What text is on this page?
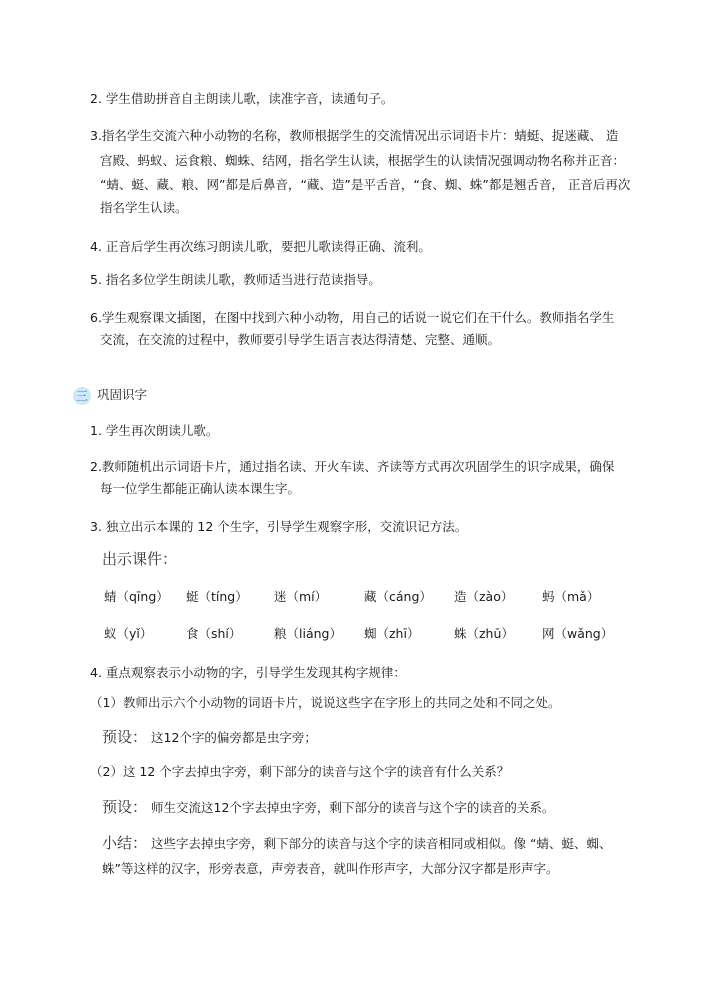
2. 学生借助拼音自主朗读儿歌，读准字音，读通句子。
3.指名学生交流六种小动物的名称，教师根据学生的交流情况出示词语卡片：蜻蜓、捉迷藏、 造
宫殿、蚂蚁、运食粮、蜘蛛、结网，指名学生认读，根据学生的认读情况强调动物名称并正音：
“蜻、蜓、藏、粮、网”都是后鼻音，“藏、造”是平舌音，“食、蜘、蛛”都是翘舌音， 正音后再次
指名学生认读。
4. 正音后学生再次练习朗读儿歌，要把儿歌读得正确、流利。
5. 指名多位学生朗读儿歌，教师适当进行范读指导。
6.学生观察课文插图，在图中找到六种小动物，用自己的话说一说它们在干什么。教师指名学生
交流，在交流的过程中，教师要引导学生语言表达得清楚、完整、通顺。
三 巩固识字
1. 学生再次朗读儿歌。
2.教师随机出示词语卡片，通过指名读、开火车读、齐读等方式再次巩固学生的识字成果，确保
每一位学生都能正确认读本课生字。
3. 独立出示本课的 12 个生字，引导学生观察字形，交流识记方法。
出示课件：
蜻（qīng） 蜓（tíng） 迷（mí）	藏（cáng） 造（zào） 蚂（mǎ）
蚁（yǐ）	食（shí）	粮（liáng） 蜘（zhī）	蛛（zhū） 网（wǎng）
4. 重点观察表示小动物的字，引导学生发现其构字规律：
（1）教师出示六个小动物的词语卡片，说说这些字在字形上的共同之处和不同之处。
预设： 这12个字的偏旁都是虫字旁；
（2）这 12 个字去掉虫字旁，剩下部分的读音与这个字的读音有什么关系？
预设： 师生交流这12个字去掉虫字旁，剩下部分的读音与这个字的读音的关系。
小结： 这些字去掉虫字旁，剩下部分的读音与这个字的读音相同或相似。像 “蜻、蜓、蜘、
蛛”等这样的汉字，形旁表意，声旁表音，就叫作形声字，大部分汉字都是形声字。
